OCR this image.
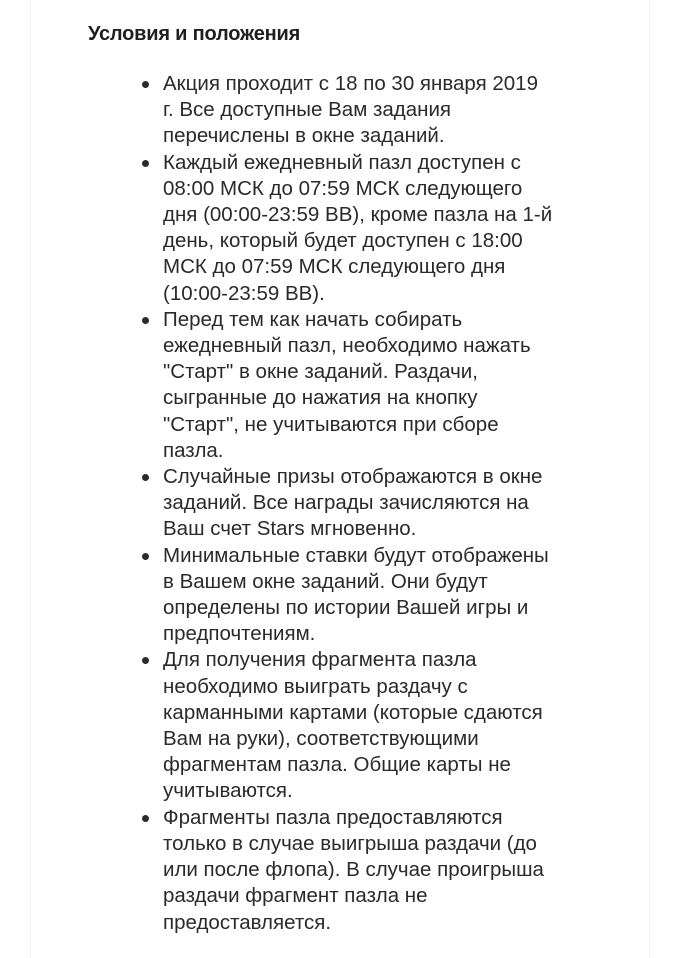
Условия и положения
Акция проходит с 18 по 30 января 2019
г. Все доступные Вам задания
перечислены в окне заданий.
Каждый ежедневный пазл доступен с
08:00 МСК до 07:59 МСК следующего
дня (00:00-23:59 ВВ), кроме пазла на 1-й
день, который будет доступен с 18:00
МСК до 07:59 МСК следующего дня
(10:00-23:59 ВВ).
Перед тем как начать собирать
ежедневный пазл, необходимо нажать
"Старт" в окне заданий. Раздачи,
сыгранные до нажатия на кнопку
"Старт", не учитываются при сборе
пазла.
Случайные призы отображаются в окне
заданий. Все награды зачисляются на
Ваш счет Stars мгновенно.
Минимальные ставки будут отображены
в Вашем окне заданий. Они будут
определены по истории Вашей игры и
предпочтениям.
Для получения фрагмента пазла
необходимо выиграть раздачу с
карманными картами (которые сдаются
Вам на руки), соответствующими
фрагментам пазла. Общие карты не
учитываются.
Фрагменты пазла предоставляются
только в случае выигрыша раздачи (до
или после флопа). В случае проигрыша
раздачи фрагмент пазла не
предоставляется.
